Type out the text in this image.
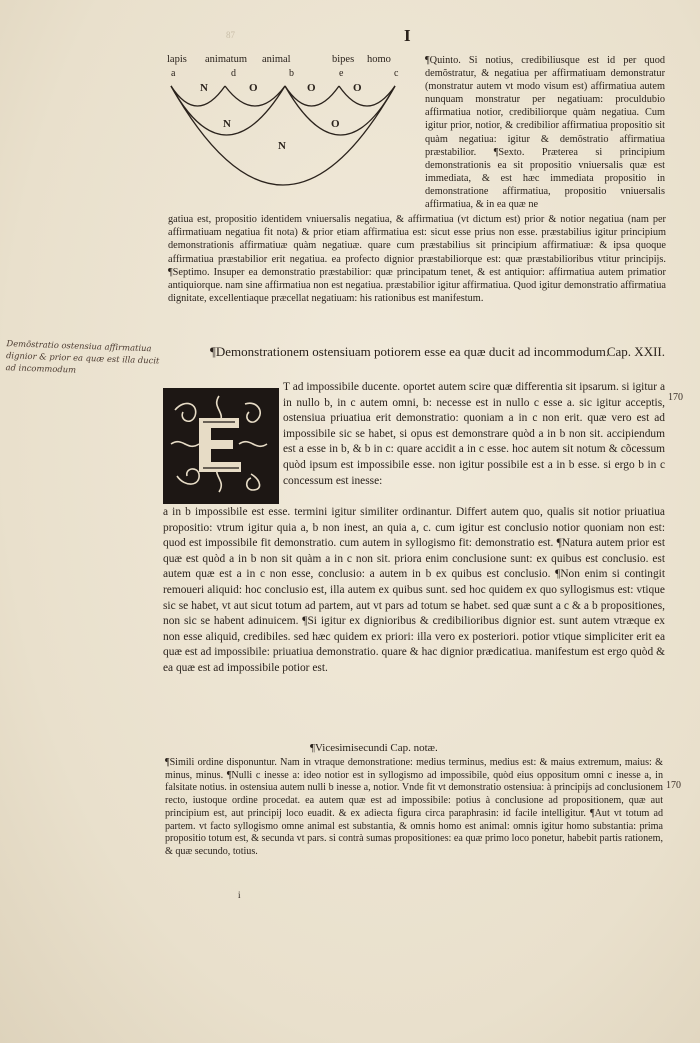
87	I
lapis animatum animal	bipes homo
a	d	b	e	c
N	O	O	O
N	O
N

¶Quinto. Si notius, credibiliusque est id per quod demõstratur, & negatiua per affirmatiuam demonstratur (monstratur autem vt modo visum est) affirmatiua autem nunquam monstratur per negatiuam: proculdubio affirmatiua notior, credibiliorque quàm negatiua. Cum igitur prior, notior, & credibilior affirmatiua propositio sit quàm negatiua: igitur & demõstratio affirmatiua præstabilior. ¶Sexto. Præterea si principium demonstrationis ea sit propositio vniuersalis quæ est immediata, & est hæc immediata propositio in demonstratione affirmatiua, propositio vniuersalis affirmatiua, & in ea quæ ne

gatiua est, propositio identidem vniuersalis negatiua, & affirmatiua (vt dictum est) prior & notior negatiua (nam per affirmatiuam negatiua fit nota) & prior etiam affirmatiua est: sicut esse prius non esse. præstabilius igitur principium demonstrationis affirmatiuæ quàm negatiuæ. quare cum præstabilius sit principium affirmatiuæ: & ipsa quoque affirmatiua præstabilior erit negatiua. ea profecto dignior præstabiliorque est: quæ præstabilioribus vtitur principijs. ¶Septimo. Insuper ea demonstratio præstabilior: quæ principatum tenet, & est antiquior: affirmatiua autem primatior antiquiorque. nam sine affirmatiua non est negatiua. præstabilior igitur affirmatiua. Quod igitur demonstratio affirmatiua dignitate, excellentiaque præcellat negatiuam: his rationibus est manifestum.

Demõstratio ostensiua affirmatiua dignior & prior ea quæ est illa ducit ad incommodum
¶Demonstrationem ostensiuam potiorem esse ea quæ ducit ad incommodum.
Cap. XXII.
170

T ad impossibile ducente. oportet autem scire quæ differentia sit ipsarum. si igitur a in nullo b, in c autem omni, b: necesse est in nullo c esse a. sic igitur acceptis, ostensiua priuatiua erit demonstratio: quoniam a in c non erit. quæ vero est ad impossibile sic se habet, si opus est demonstrare quòd a in b non sit. accipiendum est a esse in b, & b in c: quare accidit a in c esse. hoc autem sit notum & cõcessum quòd ipsum est impossibile esse. non igitur possibile est a in b esse. si ergo b in c concessum est inesse:

a in b impossibile est esse. termini igitur similiter ordinantur. Differt autem quo, qualis sit notior priuatiua propositio: vtrum igitur quia a, b non inest, an quia a, c. cum igitur est conclusio notior quoniam non est: quod est impossibile fit demonstratio. cum autem in syllogismo fit: demonstratio est. ¶Natura autem prior est quæ est quòd a in b non sit quàm a in c non sit. priora enim conclusione sunt: ex quibus est conclusio. est autem quæ est a in c non esse, conclusio: a autem in b ex quibus est conclusio. ¶Non enim si contingit remoueri aliquid: hoc conclusio est, illa autem ex quibus sunt. sed hoc quidem ex quo syllogismus est: vtique sic se habet, vt aut sicut totum ad partem, aut vt pars ad totum se habet. sed quæ sunt a c & a b propositiones, non sic se habent adinuicem. ¶Si igitur ex dignioribus & credibilioribus dignior est. sunt autem vtræque ex non esse aliquid, credibiles. sed hæc quidem ex priori: illa vero ex posteriori. potior vtique simpliciter erit ea quæ est ad impossibile: priuatiua demonstratio. quare & hac dignior prædicatiua. manifestum est ergo quòd & ea quæ est ad impossibile potior est.

¶Vicesimisecundi Cap. notæ.

¶Simili ordine disponuntur. Nam in vtraque demonstratione: medius terminus, medius est: & maius extremum, maius: & minus, minus. ¶Nulli c inesse a: ideo notior est in syllogismo ad impossibile, quòd eius oppositum omni c inesse a, in falsitate notius. in ostensiua autem nulli b inesse a, notior. Vnde fit vt demonstratio ostensiua: à principijs ad conclusionem recto, iustoque ordine procedat. ea autem quæ est ad impossibile: potius à conclusione ad propositionem, quæ aut principium est, aut principij loco euadit. & ex adiecta figura circa paraphrasin: id facile intelligitur. ¶Aut vt totum ad partem. vt facto syllogismo omne animal est substantia, & omnis homo est animal: omnis igitur homo substantia: prima propositio totum est, & secunda vt pars. si contrà sumas propositiones: ea quæ primo loco ponetur, habebit partis rationem, & quæ secundo, totius.

170
i
